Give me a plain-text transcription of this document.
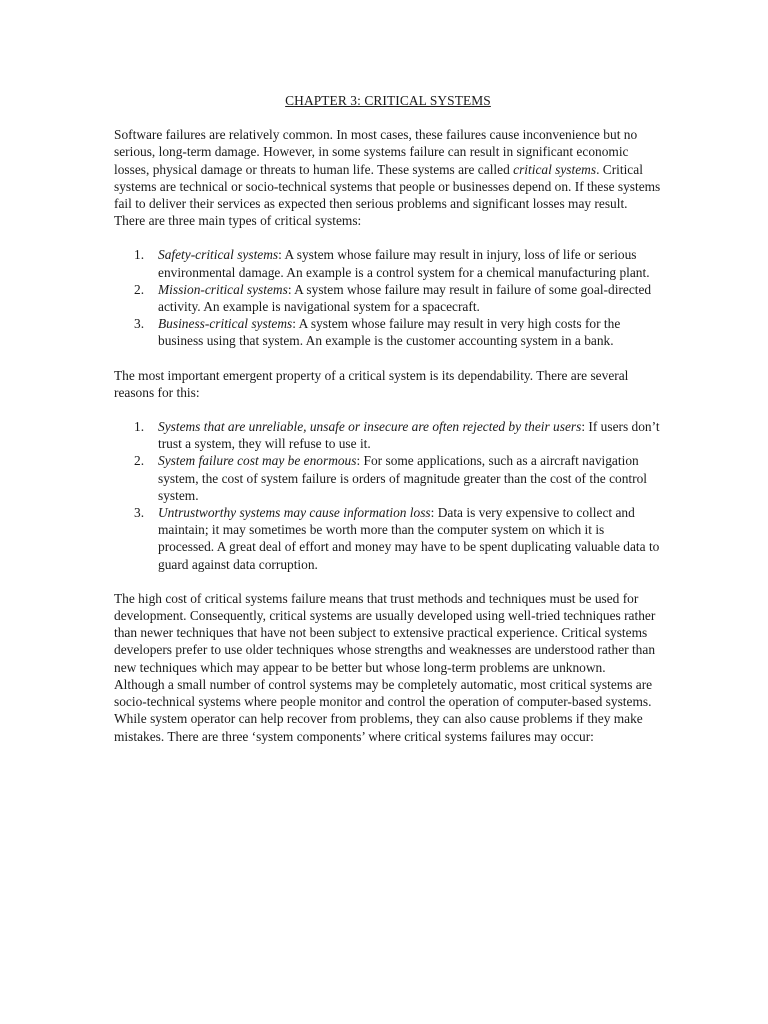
CHAPTER 3: CRITICAL SYSTEMS

Software failures are relatively common. In most cases, these failures cause inconvenience but no serious, long-term damage. However, in some systems failure can result in significant economic losses, physical damage or threats to human life. These systems are called critical systems. Critical systems are technical or socio-technical systems that people or businesses depend on. If these systems fail to deliver their services as expected then serious problems and significant losses may result.

There are three main types of critical systems:

1. Safety-critical systems: A system whose failure may result in injury, loss of life or serious environmental damage. An example is a control system for a chemical manufacturing plant.
2. Mission-critical systems: A system whose failure may result in failure of some goal-directed activity. An example is navigational system for a spacecraft.
3. Business-critical systems: A system whose failure may result in very high costs for the business using that system. An example is the customer accounting system in a bank.

The most important emergent property of a critical system is its dependability. There are several reasons for this:

1. Systems that are unreliable, unsafe or insecure are often rejected by their users: If users don’t trust a system, they will refuse to use it.
2. System failure cost may be enormous: For some applications, such as a aircraft navigation system, the cost of system failure is orders of magnitude greater than the cost of the control system.
3. Untrustworthy systems may cause information loss: Data is very expensive to collect and maintain; it may sometimes be worth more than the computer system on which it is processed. A great deal of effort and money may have to be spent duplicating valuable data to guard against data corruption.

The high cost of critical systems failure means that trust methods and techniques must be used for development. Consequently, critical systems are usually developed using well-tried techniques rather than newer techniques that have not been subject to extensive practical experience. Critical systems developers prefer to use older techniques whose strengths and weaknesses are understood rather than new techniques which may appear to be better but whose long-term problems are unknown.

Although a small number of control systems may be completely automatic, most critical systems are socio-technical systems where people monitor and control the operation of computer-based systems. While system operator can help recover from problems, they can also cause problems if they make mistakes. There are three ‘system components’ where critical systems failures may occur:
